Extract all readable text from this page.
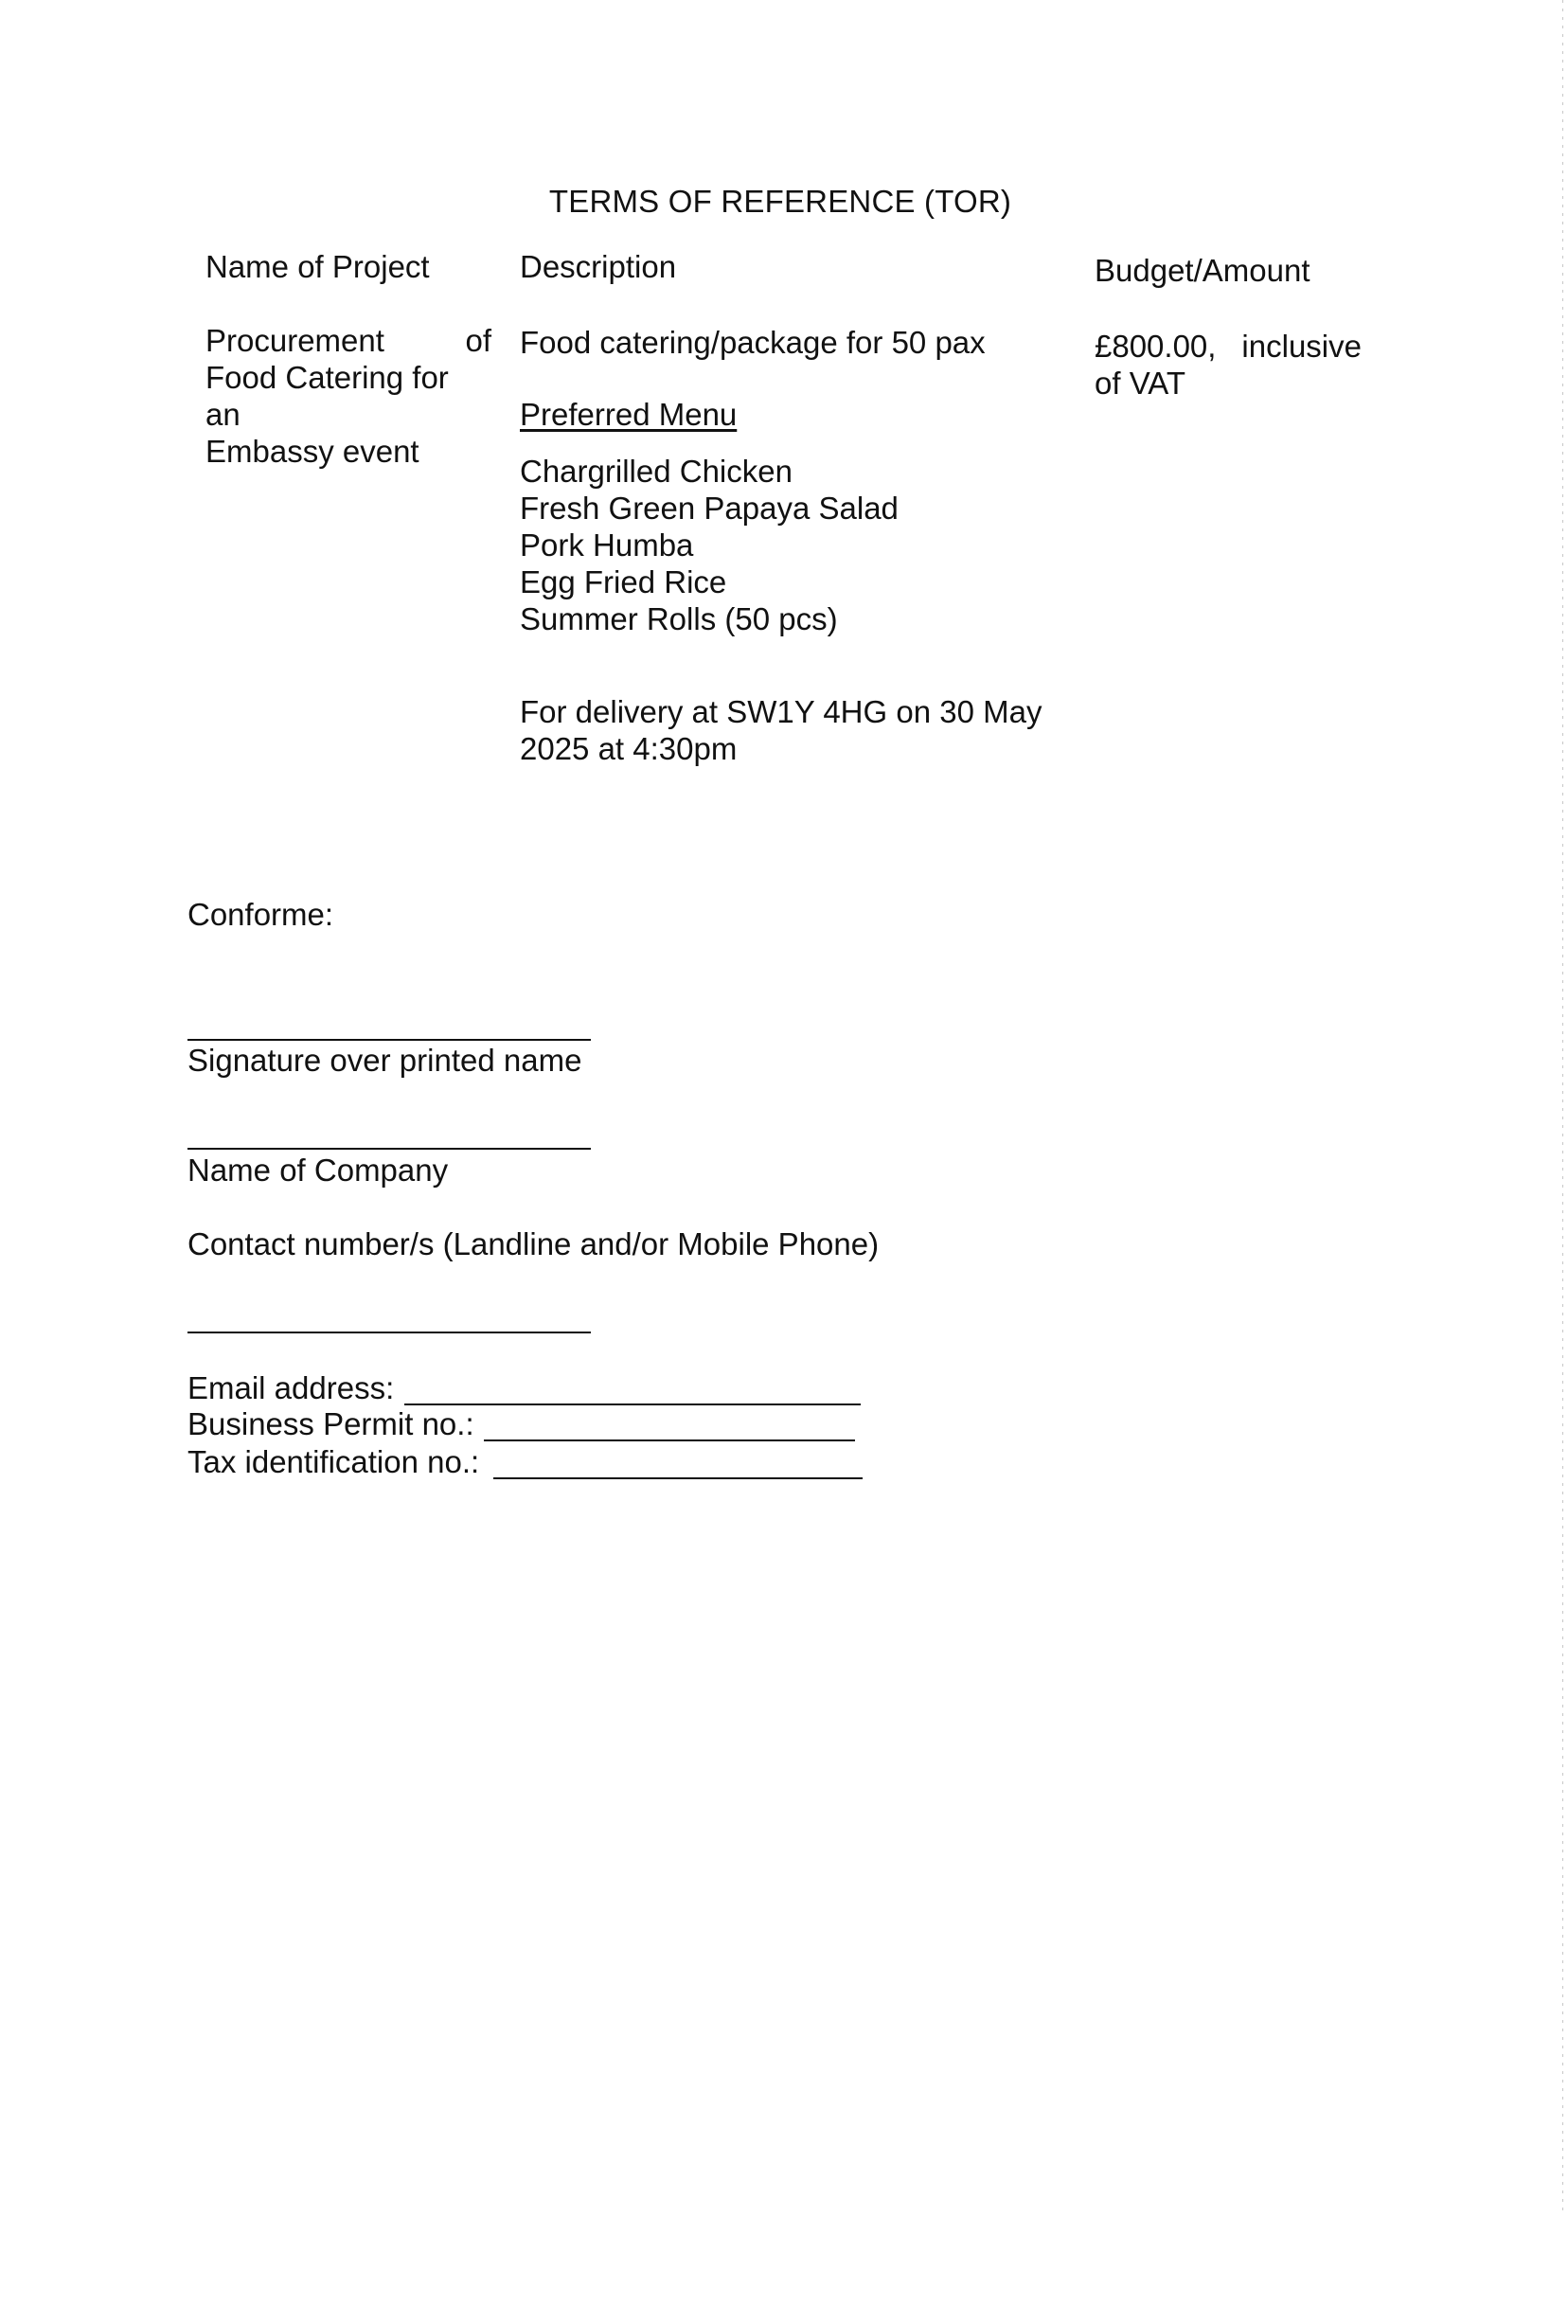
TERMS OF REFERENCE (TOR)
Name of Project	Description	Budget/Amount
Procurement of
Food Catering for an
Embassy event
Food catering/package for 50 pax
Preferred Menu
Chargrilled Chicken
Fresh Green Papaya Salad
Pork Humba
Egg Fried Rice
Summer Rolls (50 pcs)
For delivery at SW1Y 4HG on 30 May
2025 at 4:30pm
£800.00, inclusive
of VAT
Conforme:
Signature over printed name
Name of Company
Contact number/s (Landline and/or Mobile Phone)
Email address:
Business Permit no.:
Tax identification no.:
